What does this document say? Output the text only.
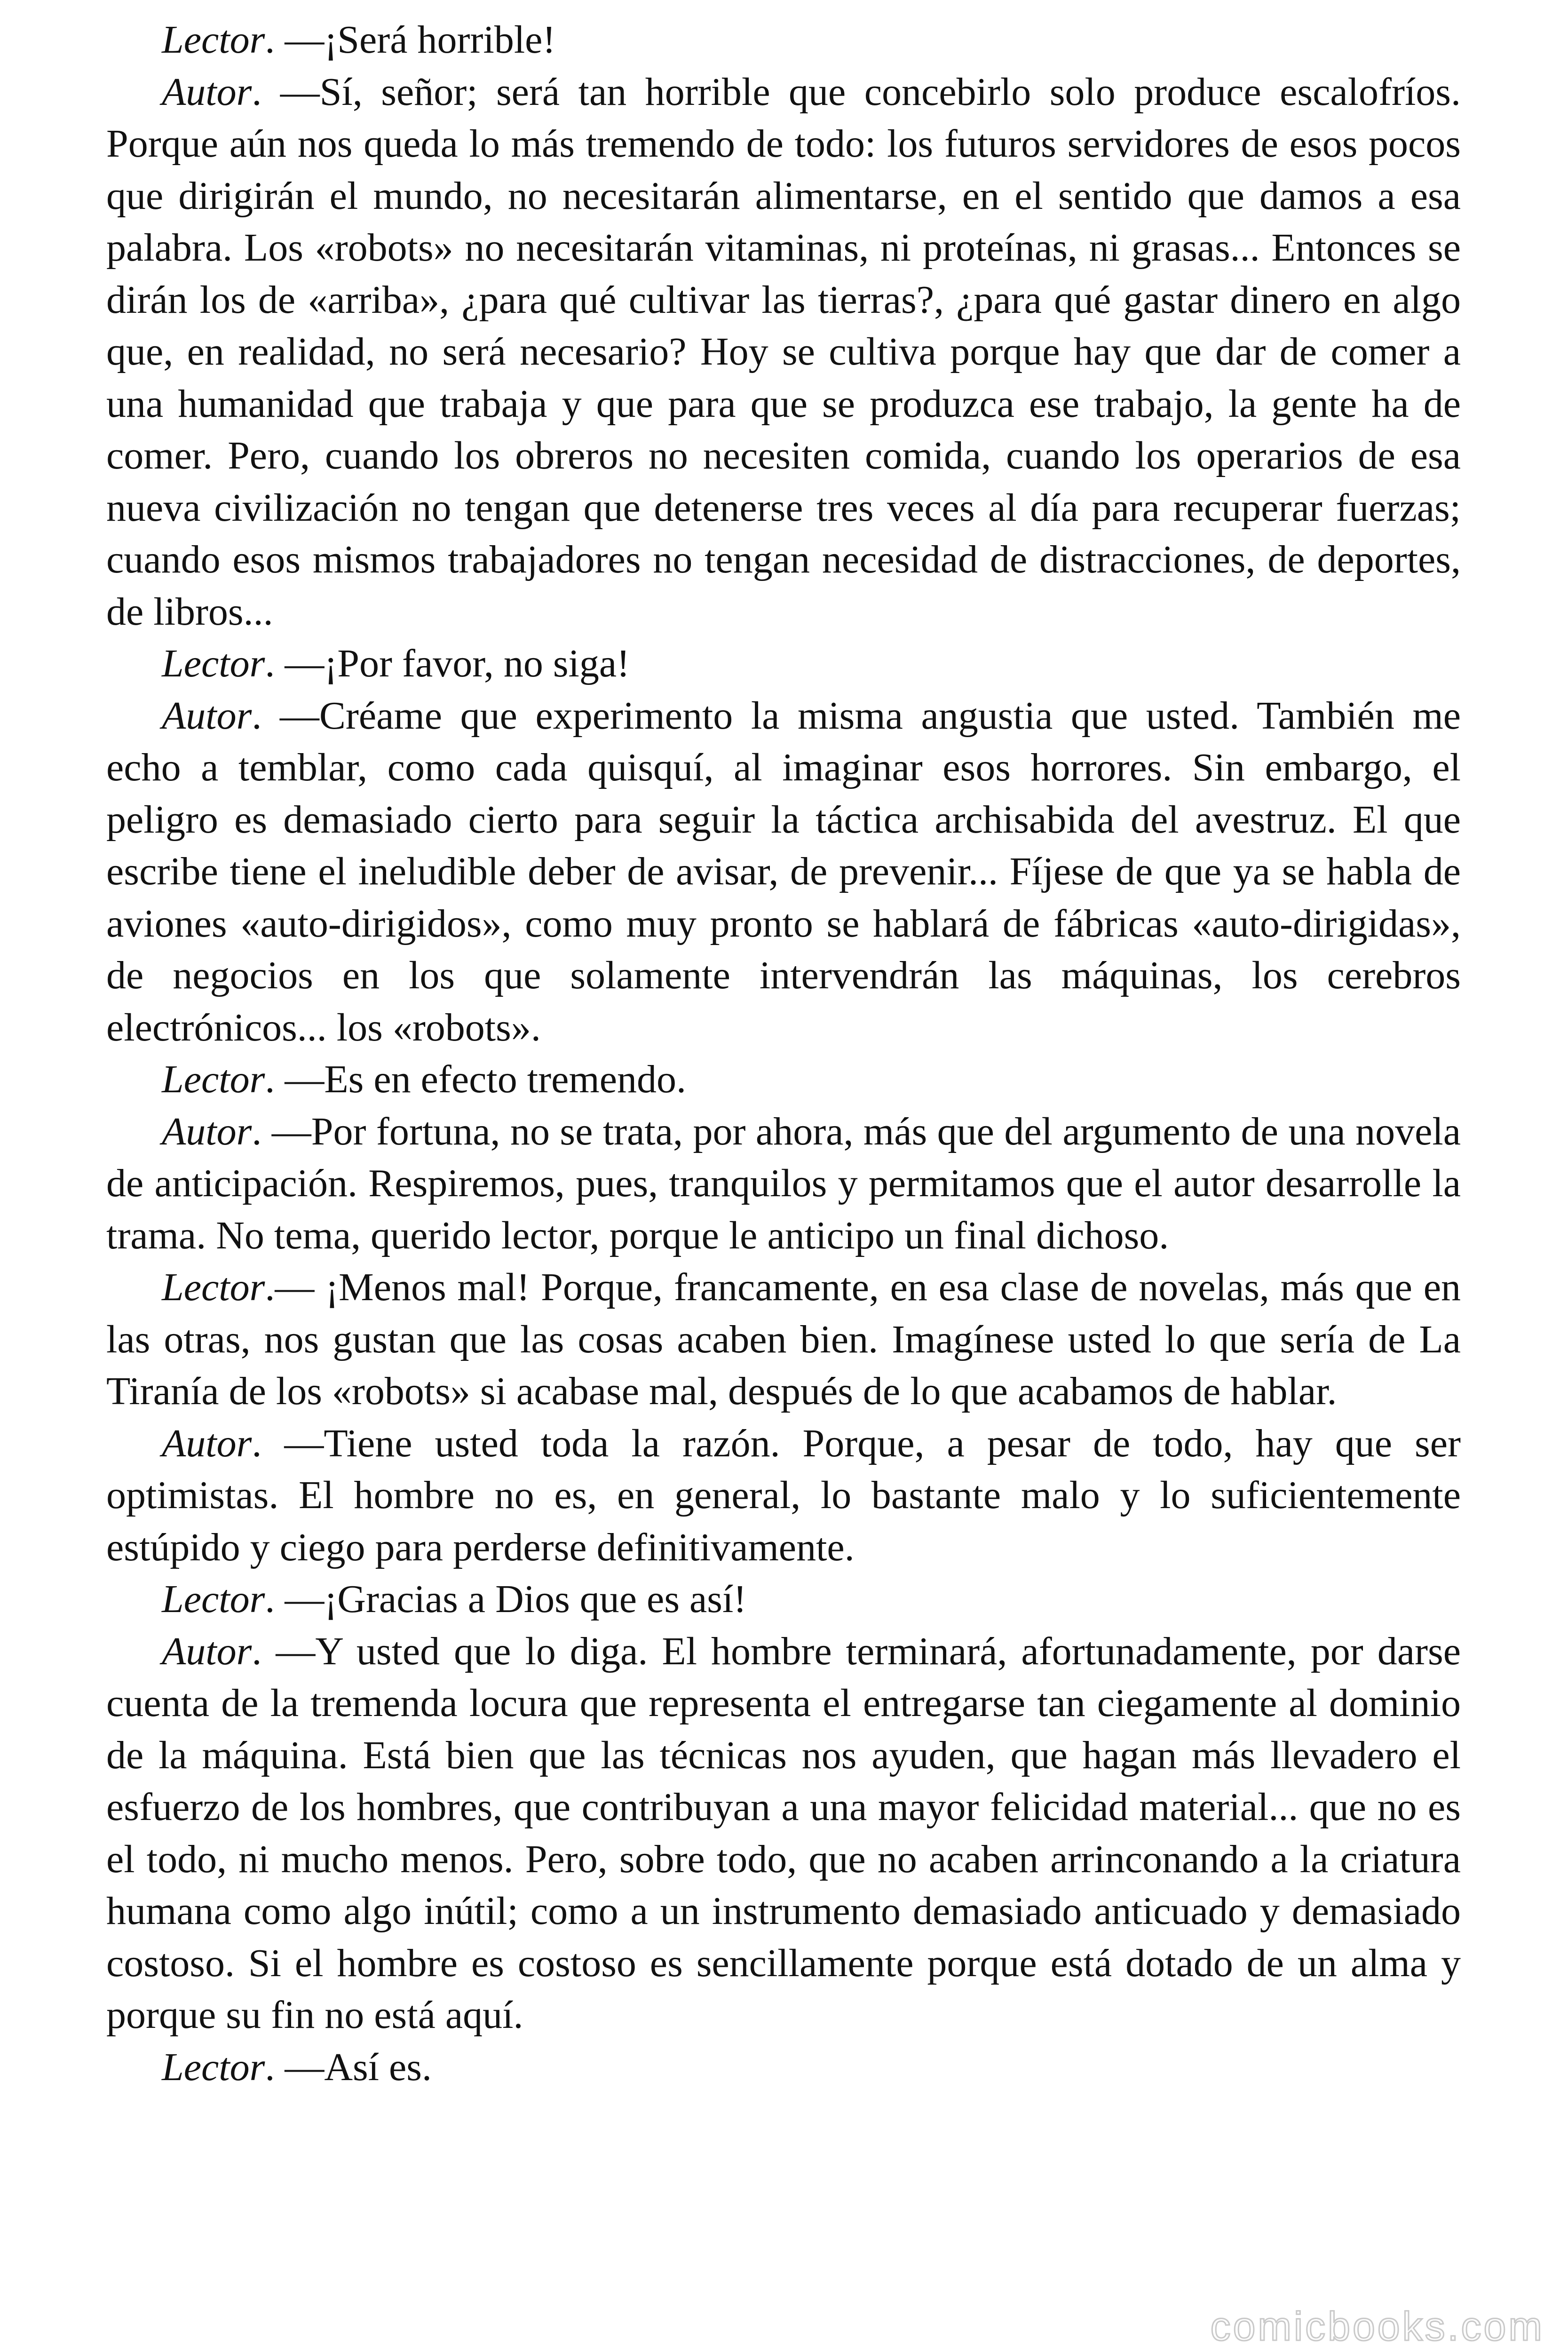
Lector. —¡Será horrible!

Autor. —Sí, señor; será tan horrible que concebirlo solo produce escalofríos. Porque aún nos queda lo más tremendo de todo: los futuros servidores de esos pocos que dirigirán el mundo, no necesitarán alimentarse, en el sentido que damos a esa palabra. Los «robots» no necesitarán vitaminas, ni proteínas, ni grasas... Entonces se dirán los de «arriba», ¿para qué cultivar las tierras?, ¿para qué gastar dinero en algo que, en realidad, no será necesario? Hoy se cultiva porque hay que dar de comer a una humanidad que trabaja y que para que se produzca ese trabajo, la gente ha de comer. Pero, cuando los obreros no necesiten comida, cuando los operarios de esa nueva civilización no tengan que detenerse tres veces al día para recuperar fuerzas; cuando esos mismos trabajadores no tengan necesidad de distracciones, de deportes, de libros...

Lector. —¡Por favor, no siga!

Autor. —Créame que experimento la misma angustia que usted. También me echo a temblar, como cada quisquí, al imaginar esos horrores. Sin embargo, el peligro es demasiado cierto para seguir la táctica archisabida del avestruz. El que escribe tiene el ineludible deber de avisar, de prevenir... Fíjese de que ya se habla de aviones «auto-dirigidos», como muy pronto se hablará de fábricas «auto-dirigidas», de negocios en los que solamente intervendrán las máquinas, los cerebros electrónicos... los «robots».

Lector. —Es en efecto tremendo.

Autor. —Por fortuna, no se trata, por ahora, más que del argumento de una novela de anticipación. Respiremos, pues, tranquilos y permitamos que el autor desarrolle la trama. No tema, querido lector, porque le anticipo un final dichoso.

Lector.— ¡Menos mal! Porque, francamente, en esa clase de novelas, más que en las otras, nos gustan que las cosas acaben bien. Imagínese usted lo que sería de La Tiranía de los «robots» si acabase mal, después de lo que acabamos de hablar.

Autor. —Tiene usted toda la razón. Porque, a pesar de todo, hay que ser optimistas. El hombre no es, en general, lo bastante malo y lo suficientemente estúpido y ciego para perderse definitivamente.

Lector. —¡Gracias a Dios que es así!

Autor. —Y usted que lo diga. El hombre terminará, afortunadamente, por darse cuenta de la tremenda locura que representa el entregarse tan ciegamente al dominio de la máquina. Está bien que las técnicas nos ayuden, que hagan más llevadero el esfuerzo de los hombres, que contribuyan a una mayor felicidad material... que no es el todo, ni mucho menos. Pero, sobre todo, que no acaben arrinconando a la criatura humana como algo inútil; como a un instrumento demasiado anticuado y demasiado costoso. Si el hombre es costoso es sencillamente porque está dotado de un alma y porque su fin no está aquí.

Lector. —Así es.

comicbooks.com
